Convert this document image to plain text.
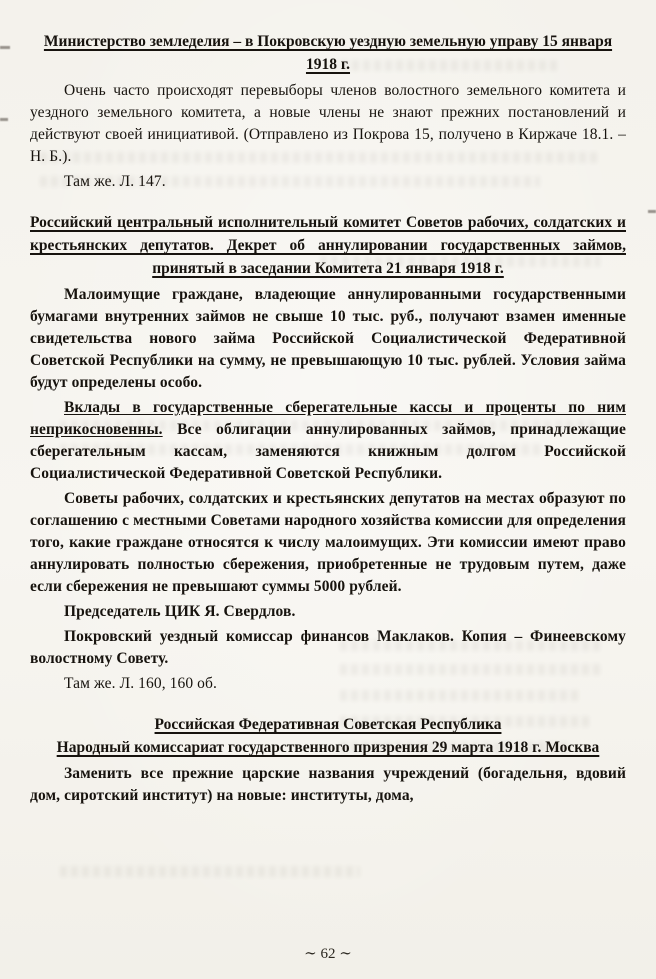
Министерство земледелия – в Покровскую уездную земельную управу 15 января 1918 г.

Очень часто происходят перевыборы членов волостного земельного комитета и уездного земельного комитета, а новые члены не знают прежних постановлений и действуют своей инициативой. (Отправлено из Покрова 15, получено в Киржаче 18.1. – Н. Б.).

Там же. Л. 147.

Российский центральный исполнительный комитет Советов рабочих, солдатских и крестьянских депутатов. Декрет об аннулировании государственных займов, принятый в заседании Комитета 21 января 1918 г.

Малоимущие граждане, владеющие аннулированными государственными бумагами внутренних займов не свыше 10 тыс. руб., получают взамен именные свидетельства нового займа Российской Социалистической Федеративной Советской Республики на сумму, не превышающую 10 тыс. рублей. Условия займа будут определены особо.

Вклады в государственные сберегательные кассы и проценты по ним неприкосновенны. Все облигации аннулированных займов, принадлежащие сберегательным кассам, заменяются книжным долгом Российской Социалистической Федеративной Советской Республики.

Советы рабочих, солдатских и крестьянских депутатов на местах образуют по соглашению с местными Советами народного хозяйства комиссии для определения того, какие граждане относятся к числу малоимущих. Эти комиссии имеют право аннулировать полностью сбережения, приобретенные не трудовым путем, даже если сбережения не превышают суммы 5000 рублей.

Председатель ЦИК Я. Свердлов.

Покровский уездный комиссар финансов Маклаков. Копия – Финеевскому волостному Совету.

Там же. Л. 160, 160 об.

Российская Федеративная Советская Республика
Народный комиссариат государственного призрения 29 марта 1918 г. Москва

Заменить все прежние царские названия учреждений (богадельня, вдовий дом, сиротский институт) на новые: институты, дома,

∼ 62 ∼
